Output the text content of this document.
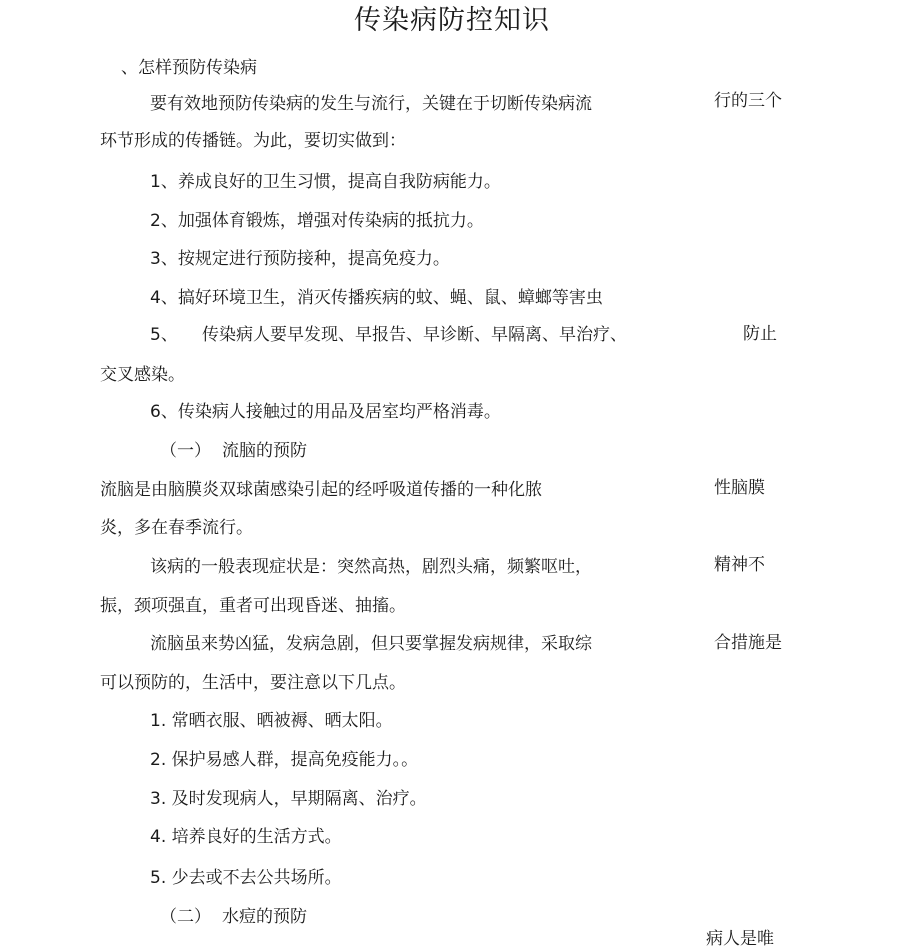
传染病防控知识
、怎样预防传染病
要有效地预防传染病的发生与流行，关键在于切断传染病流	行的三个
环节形成的传播链。为此，要切实做到：
1、养成良好的卫生习惯，提高自我防病能力。
2、加强体育锻炼，增强对传染病的抵抗力。
3、按规定进行预防接种，提高免疫力。
4、搞好环境卫生，消灭传播疾病的蚊、蝇、鼠、蟑螂等害虫
5、 传染病人要早发现、早报告、早诊断、早隔离、早治疗、	防止
交叉感染。
6、传染病人接触过的用品及居室均严格消毒。
（一） 流脑的预防
流脑是由脑膜炎双球菌感染引起的经呼吸道传播的一种化脓	性脑膜
炎，多在春季流行。
该病的一般表现症状是：突然高热，剧烈头痛，频繁呕吐，	精神不
振，颈项强直，重者可出现昏迷、抽搐。
流脑虽来势凶猛，发病急剧，但只要掌握发病规律，采取综	合措施是
可以预防的，生活中，要注意以下几点。
1. 常晒衣服、晒被褥、晒太阳。
2. 保护易感人群，提高免疫能力。。
3. 及时发现病人，早期隔离、治疗。
4. 培养良好的生活方式。
5. 少去或不去公共场所。
（二） 水痘的预防
病人是唯
